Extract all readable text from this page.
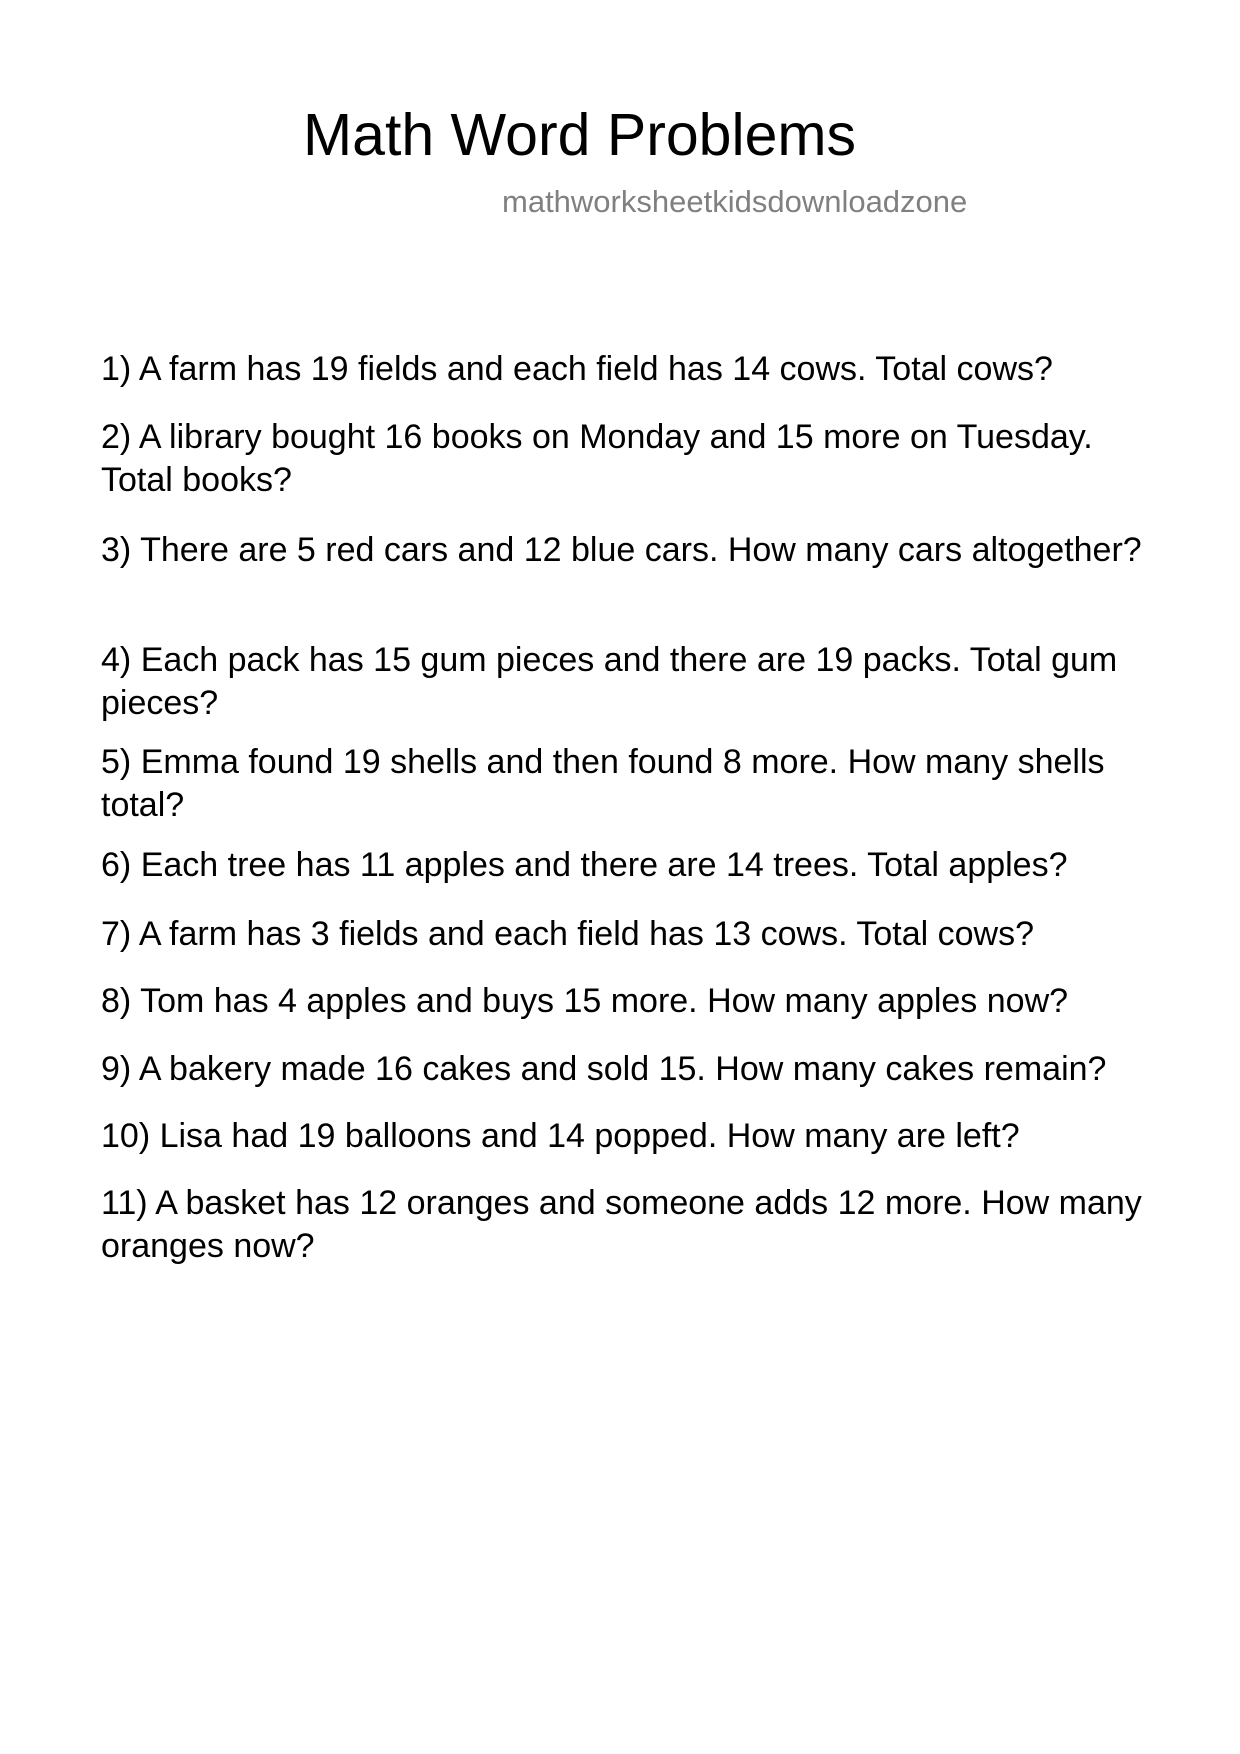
Math Word Problems
mathworksheetkidsdownloadzone

1) A farm has 19 fields and each field has 14 cows. Total cows?

2) A library bought 16 books on Monday and 15 more on Tuesday. Total books?

3) There are 5 red cars and 12 blue cars. How many cars altogether?

4) Each pack has 15 gum pieces and there are 19 packs. Total gum pieces?

5) Emma found 19 shells and then found 8 more. How many shells total?

6) Each tree has 11 apples and there are 14 trees. Total apples?

7) A farm has 3 fields and each field has 13 cows. Total cows?

8) Tom has 4 apples and buys 15 more. How many apples now?

9) A bakery made 16 cakes and sold 15. How many cakes remain?

10) Lisa had 19 balloons and 14 popped. How many are left?

11) A basket has 12 oranges and someone adds 12 more. How many oranges now?
